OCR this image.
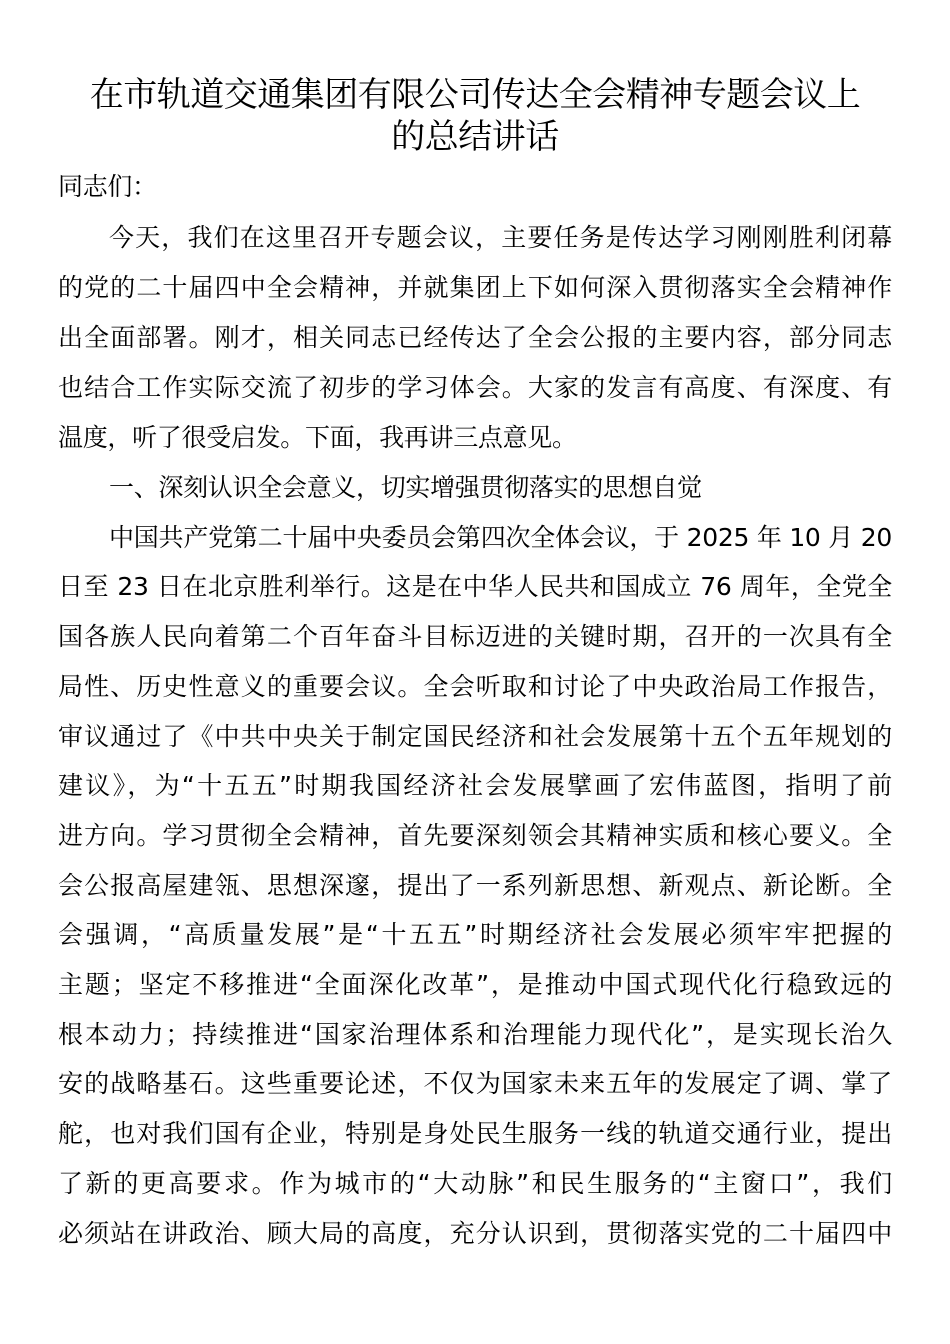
在市轨道交通集团有限公司传达全会精神专题会议上
的总结讲话
同志们：
今天，我们在这里召开专题会议，主要任务是传达学习刚刚胜利闭幕
的党的二十届四中全会精神，并就集团上下如何深入贯彻落实全会精神作
出全面部署。刚才，相关同志已经传达了全会公报的主要内容，部分同志
也结合工作实际交流了初步的学习体会。大家的发言有高度、有深度、有
温度，听了很受启发。下面，我再讲三点意见。
一、深刻认识全会意义，切实增强贯彻落实的思想自觉
中国共产党第二十届中央委员会第四次全体会议，于 2025 年 10 月 20
日至 23 日在北京胜利举行。这是在中华人民共和国成立 76 周年，全党全
国各族人民向着第二个百年奋斗目标迈进的关键时期，召开的一次具有全
局性、历史性意义的重要会议。全会听取和讨论了中央政治局工作报告，
审议通过了《中共中央关于制定国民经济和社会发展第十五个五年规划的
建议》，为“十五五”时期我国经济社会发展擘画了宏伟蓝图，指明了前
进方向。学习贯彻全会精神，首先要深刻领会其精神实质和核心要义。全
会公报高屋建瓴、思想深邃，提出了一系列新思想、新观点、新论断。全
会强调，“高质量发展”是“十五五”时期经济社会发展必须牢牢把握的
主题；坚定不移推进“全面深化改革”，是推动中国式现代化行稳致远的
根本动力；持续推进“国家治理体系和治理能力现代化”，是实现长治久
安的战略基石。这些重要论述，不仅为国家未来五年的发展定了调、掌了
舵，也对我们国有企业，特别是身处民生服务一线的轨道交通行业，提出
了新的更高要求。作为城市的“大动脉”和民生服务的“主窗口”，我们
必须站在讲政治、顾大局的高度，充分认识到，贯彻落实党的二十届四中
